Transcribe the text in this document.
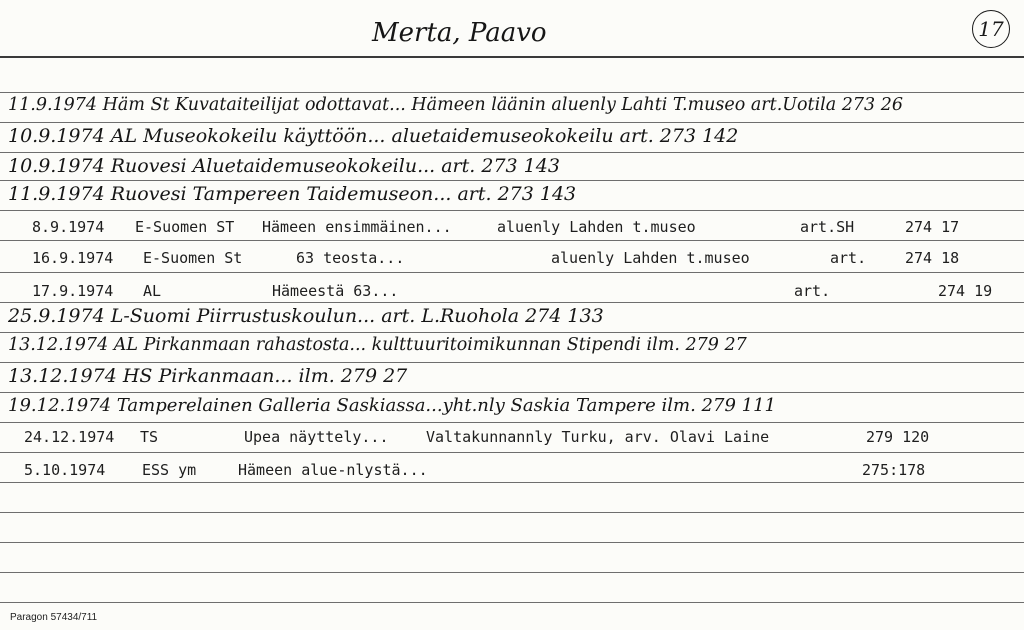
Merta, Paavo	17
11.9.1974 Häm St Kuvataiteilijat odottavat... Hämeen läänin aluenly Lahti T.museo art.Uotila 273 26
10.9.1974 AL Museokokeilu käyttöön... aluetaidemuseokokeilu art. 273 142
10.9.1974 Ruovesi Aluetaidemuseokokeilu... art. 273 143
11.9.1974 Ruovesi Tampereen Taidemuseon... art. 273 143
8.9.1974 E-Suomen ST Hämeen ensimmäinen...	aluenly Lahden t.museo	art.SH	274 17
16.9.1974 E-Suomen St	63 teosta...	aluenly Lahden t.museo	art.	274 18
17.9.1974 AL	Hämeestä 63...	art.	274 19
25.9.1974 L-Suomi Piirrustuskoulun... art. L.Ruohola 274 133
13.12.1974 AL Pirkanmaan rahastosta... kulttuuritoimikunnan Stipendi ilm. 279 27
13.12.1974 HS Pirkanmaan... ilm. 279 27
19.12.1974 Tamperelainen Galleria Saskiassa...yht.nly Saskia Tampere ilm. 279 111
24.12.1974 TS	Upea näyttely...	Valtakunnannly Turku, arv. Olavi Laine	279 120
5.10.1974 ESS ym	Hämeen alue-nlystä...	275:178
Paragon 57434/711
